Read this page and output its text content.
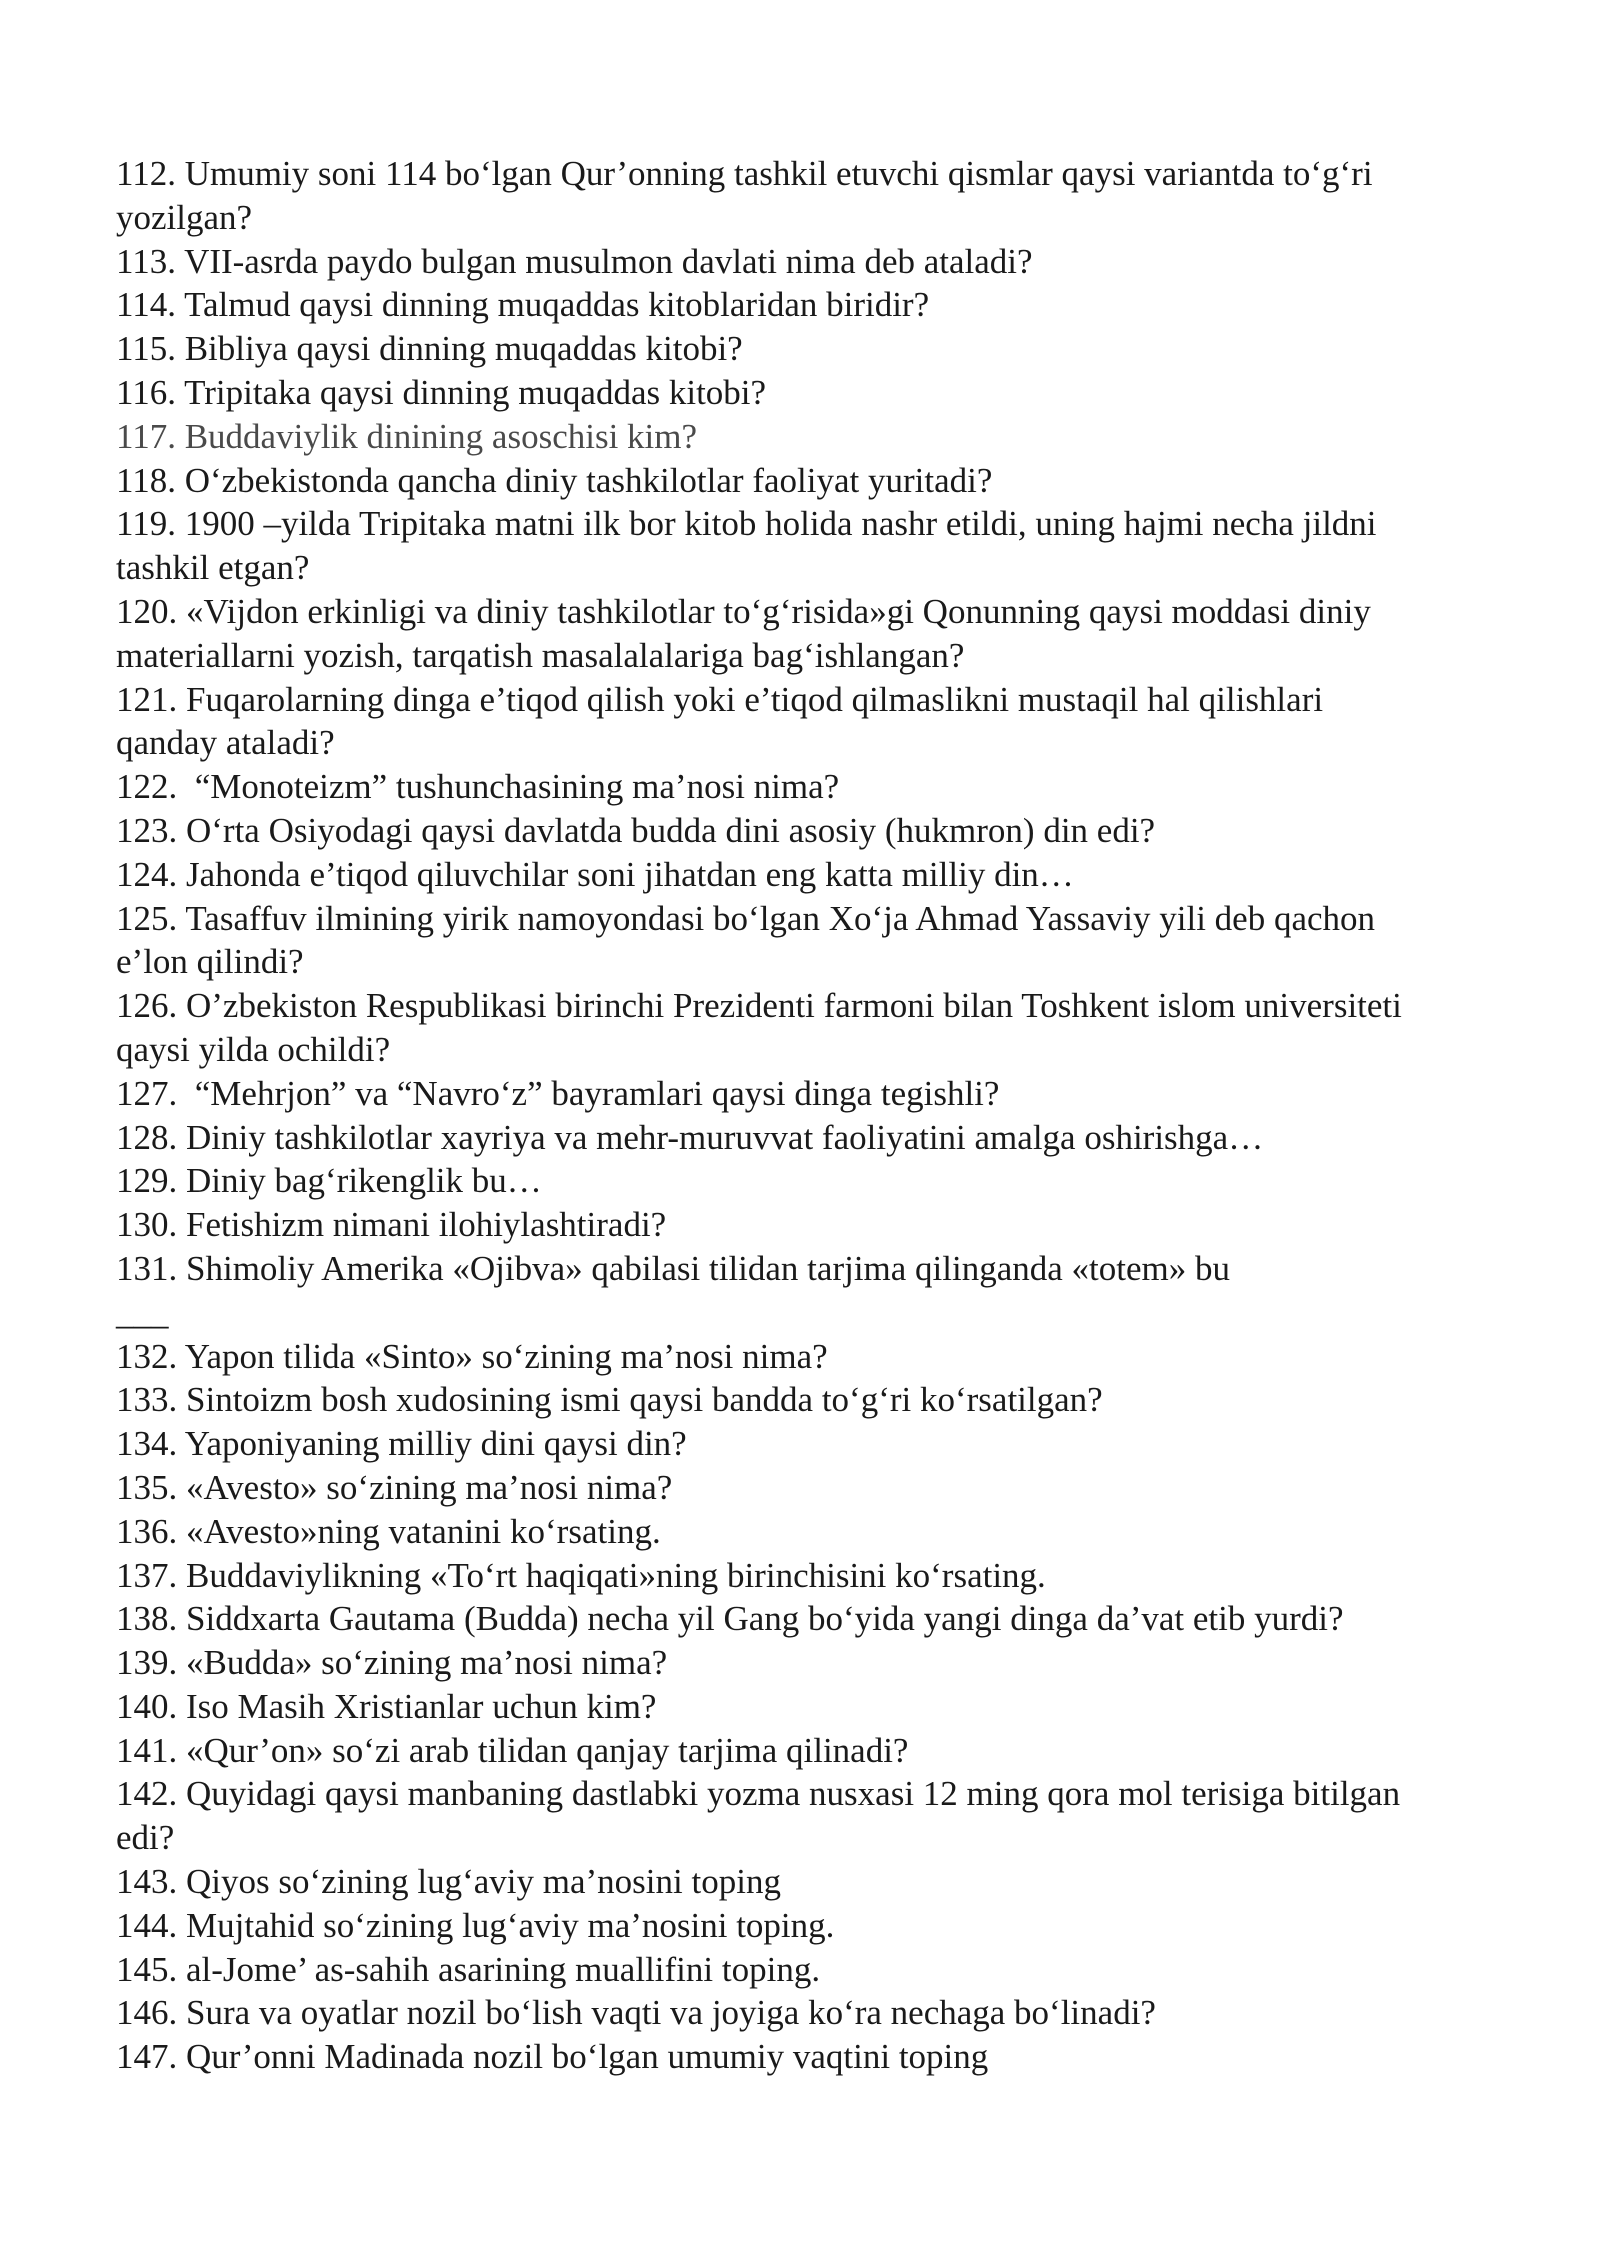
112. Umumiy soni 114 bo‘lgan Qur’onning tashkil etuvchi qismlar qaysi variantda to‘g‘ri yozilgan?

113. VII-asrda paydo bulgan musulmon davlati nima deb ataladi?

114. Talmud qaysi dinning muqaddas kitoblaridan biridir?

115. Bibliya qaysi dinning muqaddas kitobi?

116. Tripitaka qaysi dinning muqaddas kitobi?

117. Buddaviylik dinining asoschisi kim?

118. O‘zbekistonda qancha diniy tashkilotlar faoliyat yuritadi?

119. 1900 –yilda Tripitaka matni ilk bor kitob holida nashr etildi, uning hajmi necha jildni tashkil etgan?

120. «Vijdon erkinligi va diniy tashkilotlar to‘g‘risida»gi Qonunning qaysi moddasi diniy materiallarni yozish, tarqatish masalalalariga bag‘ishlangan?

121. Fuqarolarning dinga e’tiqod qilish yoki e’tiqod qilmaslikni mustaqil hal qilishlari qanday ataladi?

122.  “Monoteizm” tushunchasining ma’nosi nima?

123. O‘rta Osiyodagi qaysi davlatda budda dini asosiy (hukmron) din edi?

124. Jahonda e’tiqod qiluvchilar soni jihatdan eng katta milliy din…

125. Tasaffuv ilmining yirik namoyondasi bo‘lgan Xo‘ja Ahmad Yassaviy yili deb qachon e’lon qilindi?

126. O’zbekiston Respublikasi birinchi Prezidenti farmoni bilan Toshkent islom universiteti qaysi yilda ochildi?

127.  “Mehrjon” va “Navro‘z” bayramlari qaysi dinga tegishli?

128. Diniy tashkilotlar xayriya va mehr-muruvvat faoliyatini amalga oshirishga…

129. Diniy bag‘rikenglik bu…

130. Fetishizm nimani ilohiylashtiradi?

131. Shimoliy Amerika «Ojibva» qabilasi tilidan tarjima qilinganda «totem» bu
___

132. Yapon tilida «Sinto» so‘zining ma’nosi nima?

133. Sintoizm bosh xudosining ismi qaysi bandda to‘g‘ri ko‘rsatilgan?

134. Yaponiyaning milliy dini qaysi din?

135. «Avesto» so‘zining ma’nosi nima?

136. «Avesto»ning vatanini ko‘rsating.

137. Buddaviylikning «To‘rt haqiqati»ning birinchisini ko‘rsating.

138. Siddxarta Gautama (Budda) necha yil Gang bo‘yida yangi dinga da’vat etib yurdi?

139. «Budda» so‘zining ma’nosi nima?

140. Iso Masih Xristianlar uchun kim?

141. «Qur’on» so‘zi arab tilidan qanjay tarjima qilinadi?

142. Quyidagi qaysi manbaning dastlabki yozma nusxasi 12 ming qora mol terisiga bitilgan edi?

143. Qiyos so‘zining lug‘aviy ma’nosini toping

144. Mujtahid so‘zining lug‘aviy ma’nosini toping.

145. al-Jome’ as-sahih asarining muallifini toping.

146. Sura va oyatlar nozil bo‘lish vaqti va joyiga ko‘ra nechaga bo‘linadi?

147. Qur’onni Madinada nozil bo‘lgan umumiy vaqtini toping
